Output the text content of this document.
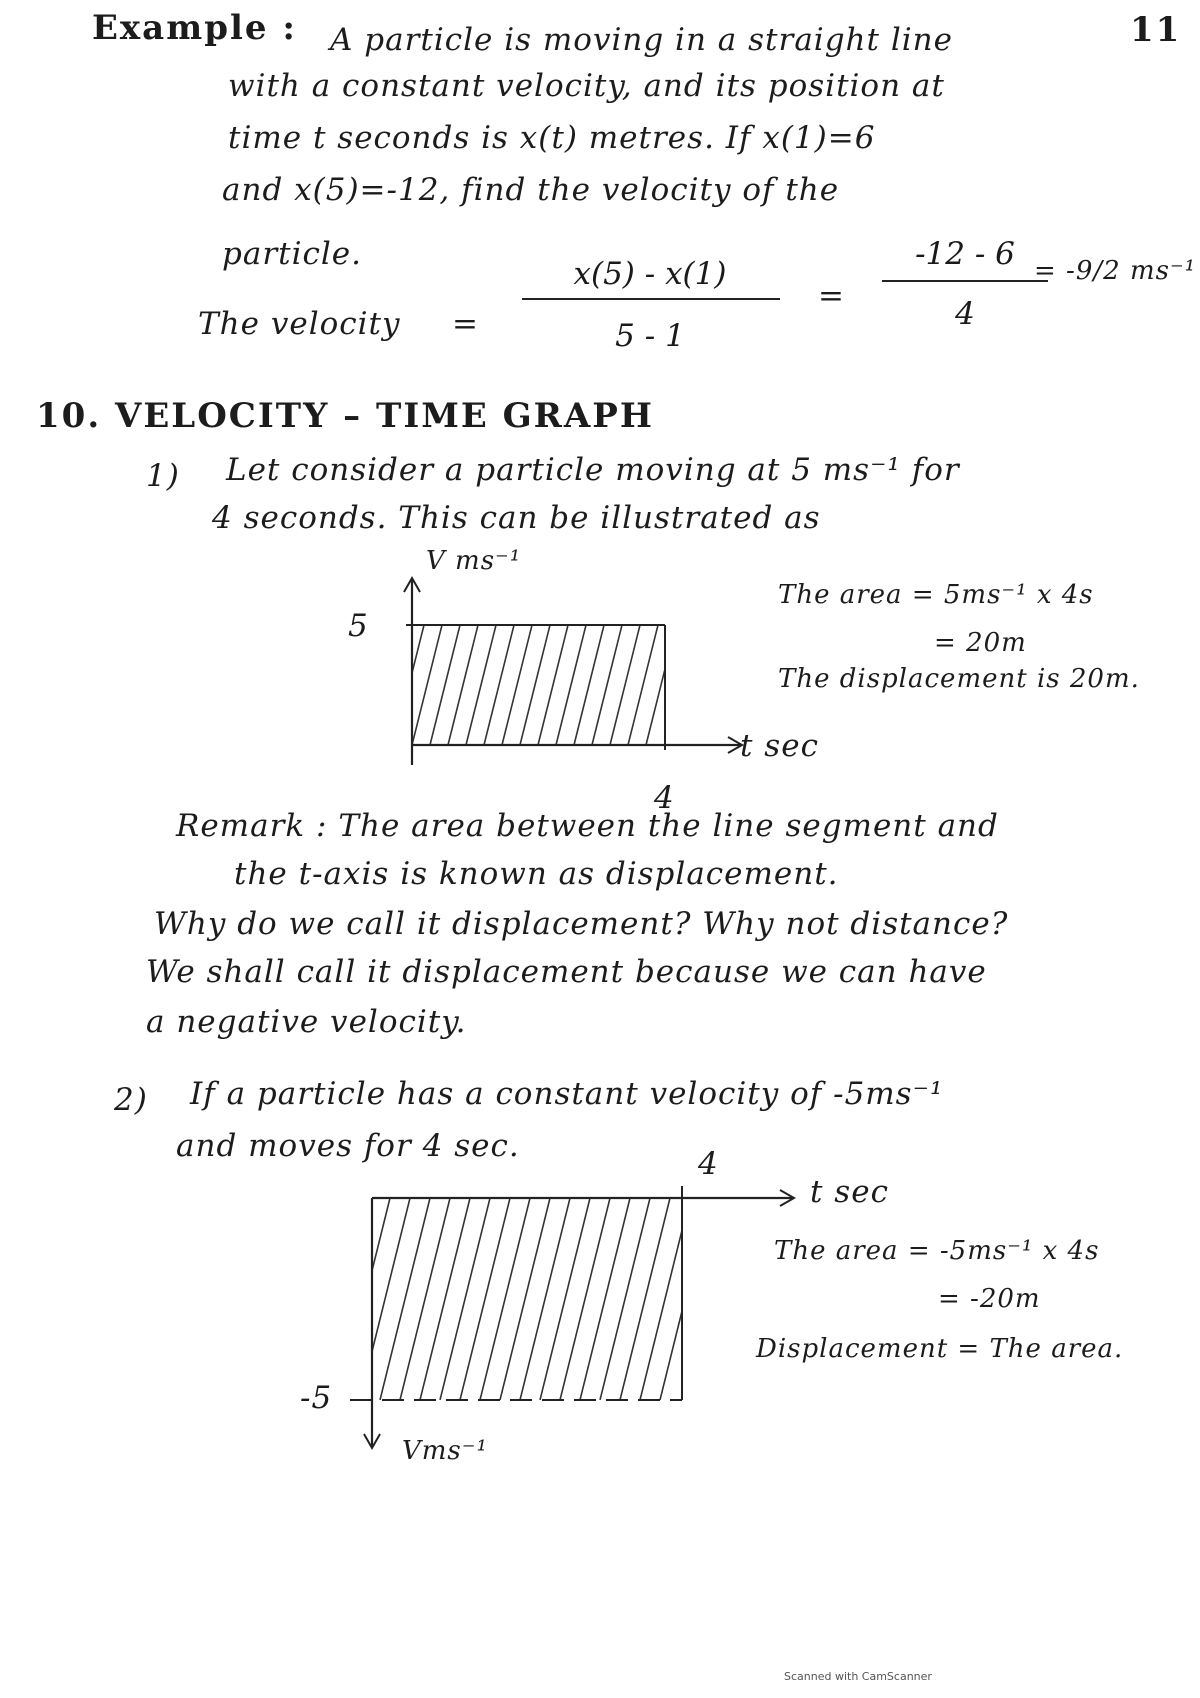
Example :	11
A particle is moving in a straight line
with a constant velocity, and its position at
time t seconds is x(t) metres. If x(1)=6
and x(5)=-12, find the velocity of the
particle.
The velocity =
x(5) - x(1)
5 - 1
=
-12 - 6
4
= -9/2 ms⁻¹
10. VELOCITY – TIME GRAPH
1) Let consider a particle moving at 5 ms⁻¹ for
4 seconds. This can be illustrated as
V ms⁻¹
5
t sec
4
The area = 5ms⁻¹ x 4s
= 20m
The displacement is 20m.
Remark : The area between the line segment and
the t-axis is known as displacement.
Why do we call it displacement? Why not distance?
We shall call it displacement because we can have
a negative velocity.
2) If a particle has a constant velocity of -5ms⁻¹
and moves for 4 sec.	4
t sec
-5
Vms⁻¹
The area = -5ms⁻¹ x 4s
= -20m
Displacement = The area.
Scanned with CamScanner
